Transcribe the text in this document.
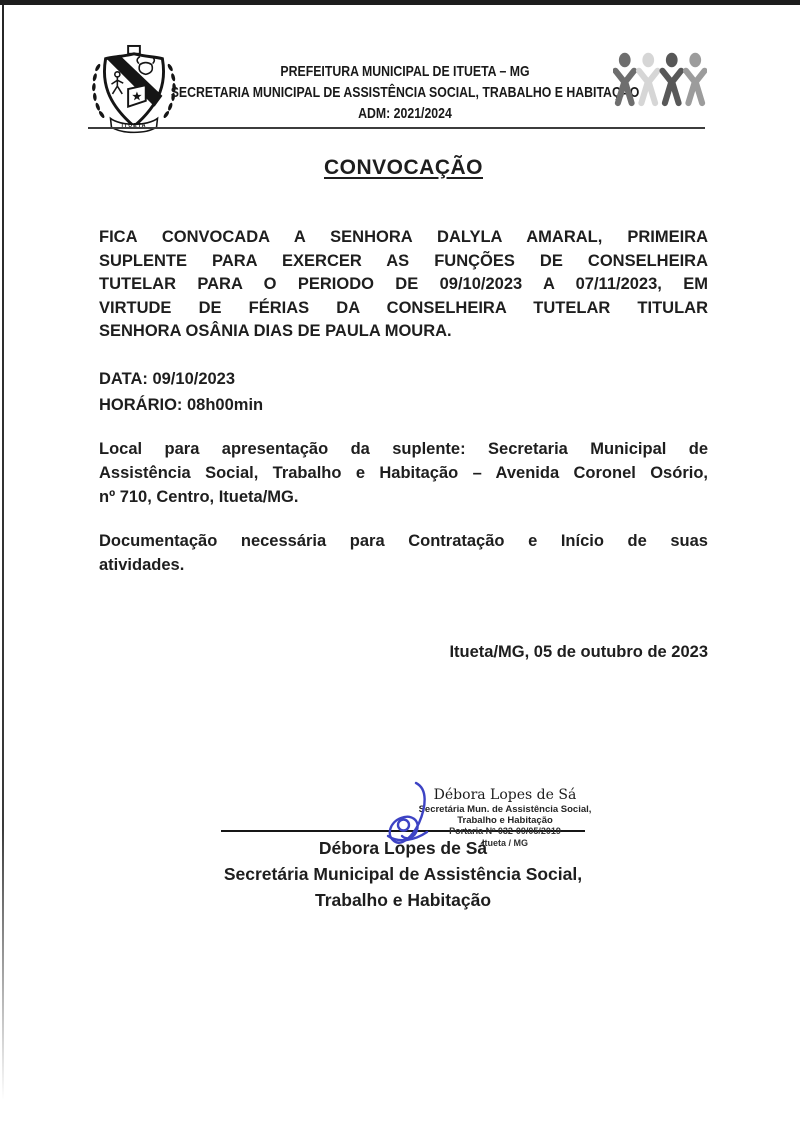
PREFEITURA MUNICIPAL DE ITUETA – MG
SECRETARIA MUNICIPAL DE ASSISTÊNCIA SOCIAL, TRABALHO E HABITAÇÃO
ADM: 2021/2024
CONVOCAÇÃO
FICA CONVOCADA A SENHORA DALYLA AMARAL, PRIMEIRA
SUPLENTE PARA EXERCER AS FUNÇÕES DE CONSELHEIRA
TUTELAR PARA O PERIODO DE 09/10/2023 A 07/11/2023, EM
VIRTUDE DE FÉRIAS DA CONSELHEIRA TUTELAR TITULAR
SENHORA OSÂNIA DIAS DE PAULA MOURA.
DATA: 09/10/2023
HORÁRIO: 08h00min
Local para apresentação da suplente: Secretaria Municipal de
Assistência Social, Trabalho e Habitação – Avenida Coronel Osório,
nº 710, Centro, Itueta/MG.
Documentação necessária para Contratação e Início de suas
atividades.
Itueta/MG, 05 de outubro de 2023
Débora Lopes de Sá
Secretária Mun. de Assistência Social,
Trabalho e Habitação
Portaria Nº 032-09/05/2019
Itueta / MG
Débora Lopes de Sá
Secretária Municipal de Assistência Social,
Trabalho e Habitação
